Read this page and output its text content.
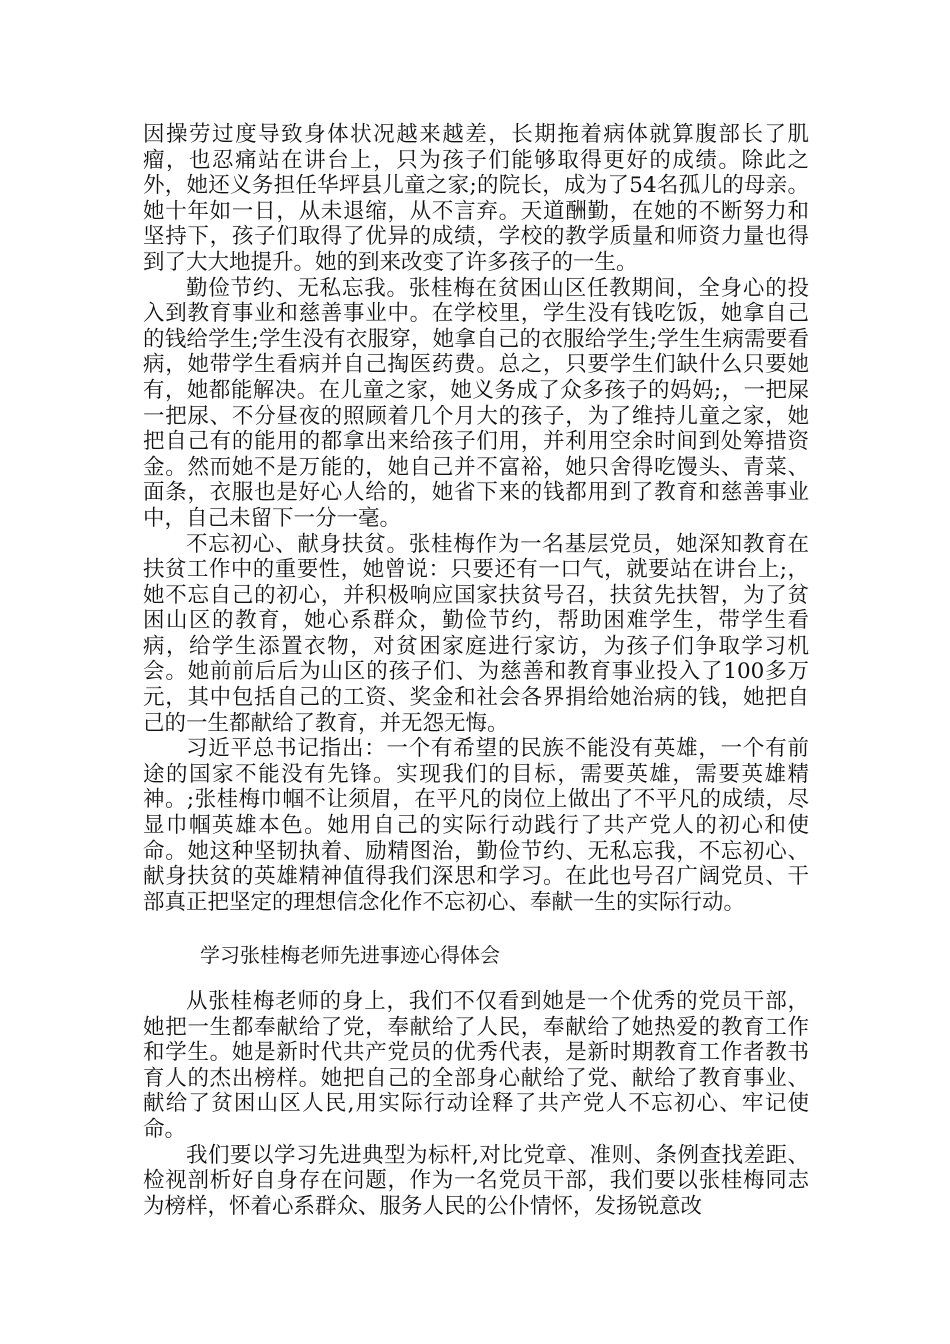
因操劳过度导致身体状况越来越差，长期拖着病体就算腹部长了肌瘤，也忍痛站在讲台上，只为孩子们能够取得更好的成绩。除此之外，她还义务担任华坪县儿童之家;的院长，成为了54名孤儿的母亲。她十年如一日，从未退缩，从不言弃。天道酬勤，在她的不断努力和坚持下，孩子们取得了优异的成绩，学校的教学质量和师资力量也得到了大大地提升。她的到来改变了许多孩子的一生。

勤俭节约、无私忘我。张桂梅在贫困山区任教期间，全身心的投入到教育事业和慈善事业中。在学校里，学生没有钱吃饭，她拿自己的钱给学生;学生没有衣服穿，她拿自己的衣服给学生;学生生病需要看病，她带学生看病并自己掏医药费。总之，只要学生们缺什么只要她有，她都能解决。在儿童之家，她义务成了众多孩子的妈妈;，一把屎一把尿、不分昼夜的照顾着几个月大的孩子，为了维持儿童之家，她把自己有的能用的都拿出来给孩子们用，并利用空余时间到处筹措资金。然而她不是万能的，她自己并不富裕，她只舍得吃馒头、青菜、面条，衣服也是好心人给的，她省下来的钱都用到了教育和慈善事业中，自己未留下一分一毫。

不忘初心、献身扶贫。张桂梅作为一名基层党员，她深知教育在扶贫工作中的重要性，她曾说：只要还有一口气，就要站在讲台上;，她不忘自己的初心，并积极响应国家扶贫号召，扶贫先扶智，为了贫困山区的教育，她心系群众，勤俭节约，帮助困难学生，带学生看病，给学生添置衣物，对贫困家庭进行家访，为孩子们争取学习机会。她前前后后为山区的孩子们、为慈善和教育事业投入了100多万元，其中包括自己的工资、奖金和社会各界捐给她治病的钱，她把自己的一生都献给了教育，并无怨无悔。

习近平总书记指出：一个有希望的民族不能没有英雄，一个有前途的国家不能没有先锋。实现我们的目标，需要英雄，需要英雄精神。;张桂梅巾帼不让须眉，在平凡的岗位上做出了不平凡的成绩，尽显巾帼英雄本色。她用自己的实际行动践行了共产党人的初心和使命。她这种坚韧执着、励精图治，勤俭节约、无私忘我，不忘初心、献身扶贫的英雄精神值得我们深思和学习。在此也号召广阔党员、干部真正把坚定的理想信念化作不忘初心、奉献一生的实际行动。

学习张桂梅老师先进事迹心得体会

从张桂梅老师的身上，我们不仅看到她是一个优秀的党员干部，她把一生都奉献给了党，奉献给了人民，奉献给了她热爱的教育工作和学生。她是新时代共产党员的优秀代表，是新时期教育工作者教书育人的杰出榜样。她把自己的全部身心献给了党、献给了教育事业、献给了贫困山区人民,用实际行动诠释了共产党人不忘初心、牢记使命。

我们要以学习先进典型为标杆,对比党章、准则、条例查找差距、检视剖析好自身存在问题，作为一名党员干部，我们要以张桂梅同志为榜样，怀着心系群众、服务人民的公仆情怀，发扬锐意改
